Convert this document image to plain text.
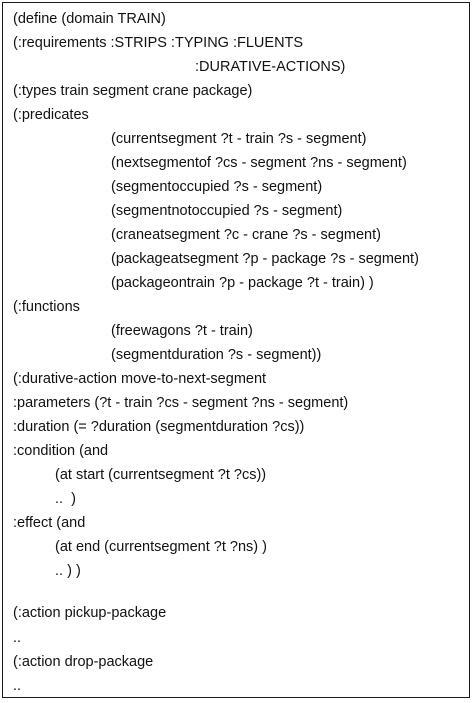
(define (domain TRAIN)
(:requirements :STRIPS :TYPING :FLUENTS
:DURATIVE-ACTIONS)
(:types train segment crane package)
(:predicates
(currentsegment ?t - train ?s - segment)
(nextsegmentof ?cs - segment ?ns - segment)
(segmentoccupied ?s - segment)
(segmentnotoccupied ?s - segment)
(craneatsegment ?c - crane ?s - segment)
(packageatsegment ?p - package ?s - segment)
(packageontrain ?p - package ?t - train) )
(:functions
(freewagons ?t - train)
(segmentduration ?s - segment))
(:durative-action move-to-next-segment
:parameters (?t - train ?cs - segment ?ns - segment)
:duration (= ?duration (segmentduration ?cs))
:condition (and
(at start (currentsegment ?t ?cs))
..  )
:effect (and
(at end (currentsegment ?t ?ns) )
.. ) )
(:action pickup-package
..
(:action drop-package
..
